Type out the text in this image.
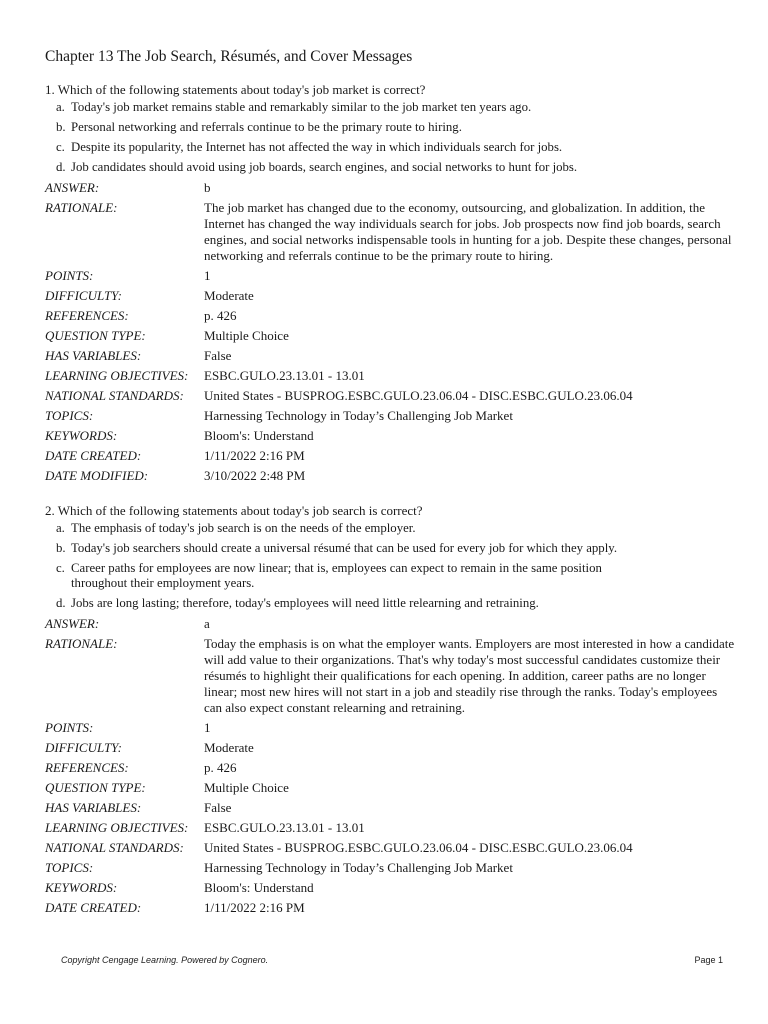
Chapter 13 The Job Search, Résumés, and Cover Messages
1. Which of the following statements about today's job market is correct?
a. Today's job market remains stable and remarkably similar to the job market ten years ago.
b. Personal networking and referrals continue to be the primary route to hiring.
c. Despite its popularity, the Internet has not affected the way in which individuals search for jobs.
d. Job candidates should avoid using job boards, search engines, and social networks to hunt for jobs.
ANSWER:	b
RATIONALE:	The job market has changed due to the economy, outsourcing, and globalization. In addition, the Internet has changed the way individuals search for jobs. Job prospects now find job boards, search engines, and social networks indispensable tools in hunting for a job. Despite these changes, personal networking and referrals continue to be the primary route to hiring.
POINTS:	1
DIFFICULTY:	Moderate
REFERENCES:	p. 426
QUESTION TYPE:	Multiple Choice
HAS VARIABLES:	False
LEARNING OBJECTIVES:	ESBC.GULO.23.13.01 - 13.01
NATIONAL STANDARDS:	United States - BUSPROG.ESBC.GULO.23.06.04 - DISC.ESBC.GULO.23.06.04
TOPICS:	Harnessing Technology in Today’s Challenging Job Market
KEYWORDS:	Bloom's: Understand
DATE CREATED:	1/11/2022 2:16 PM
DATE MODIFIED:	3/10/2022 2:48 PM
2. Which of the following statements about today's job search is correct?
a. The emphasis of today's job search is on the needs of the employer.
b. Today's job searchers should create a universal résumé that can be used for every job for which they apply.
c. Career paths for employees are now linear; that is, employees can expect to remain in the same position throughout their employment years.
d. Jobs are long lasting; therefore, today's employees will need little relearning and retraining.
ANSWER:	a
RATIONALE:	Today the emphasis is on what the employer wants. Employers are most interested in how a candidate will add value to their organizations. That's why today's most successful candidates customize their résumés to highlight their qualifications for each opening. In addition, career paths are no longer linear; most new hires will not start in a job and steadily rise through the ranks. Today's employees can also expect constant relearning and retraining.
POINTS:	1
DIFFICULTY:	Moderate
REFERENCES:	p. 426
QUESTION TYPE:	Multiple Choice
HAS VARIABLES:	False
LEARNING OBJECTIVES:	ESBC.GULO.23.13.01 - 13.01
NATIONAL STANDARDS:	United States - BUSPROG.ESBC.GULO.23.06.04 - DISC.ESBC.GULO.23.06.04
TOPICS:	Harnessing Technology in Today’s Challenging Job Market
KEYWORDS:	Bloom's: Understand
DATE CREATED:	1/11/2022 2:16 PM
Copyright Cengage Learning. Powered by Cognero.	Page 1
